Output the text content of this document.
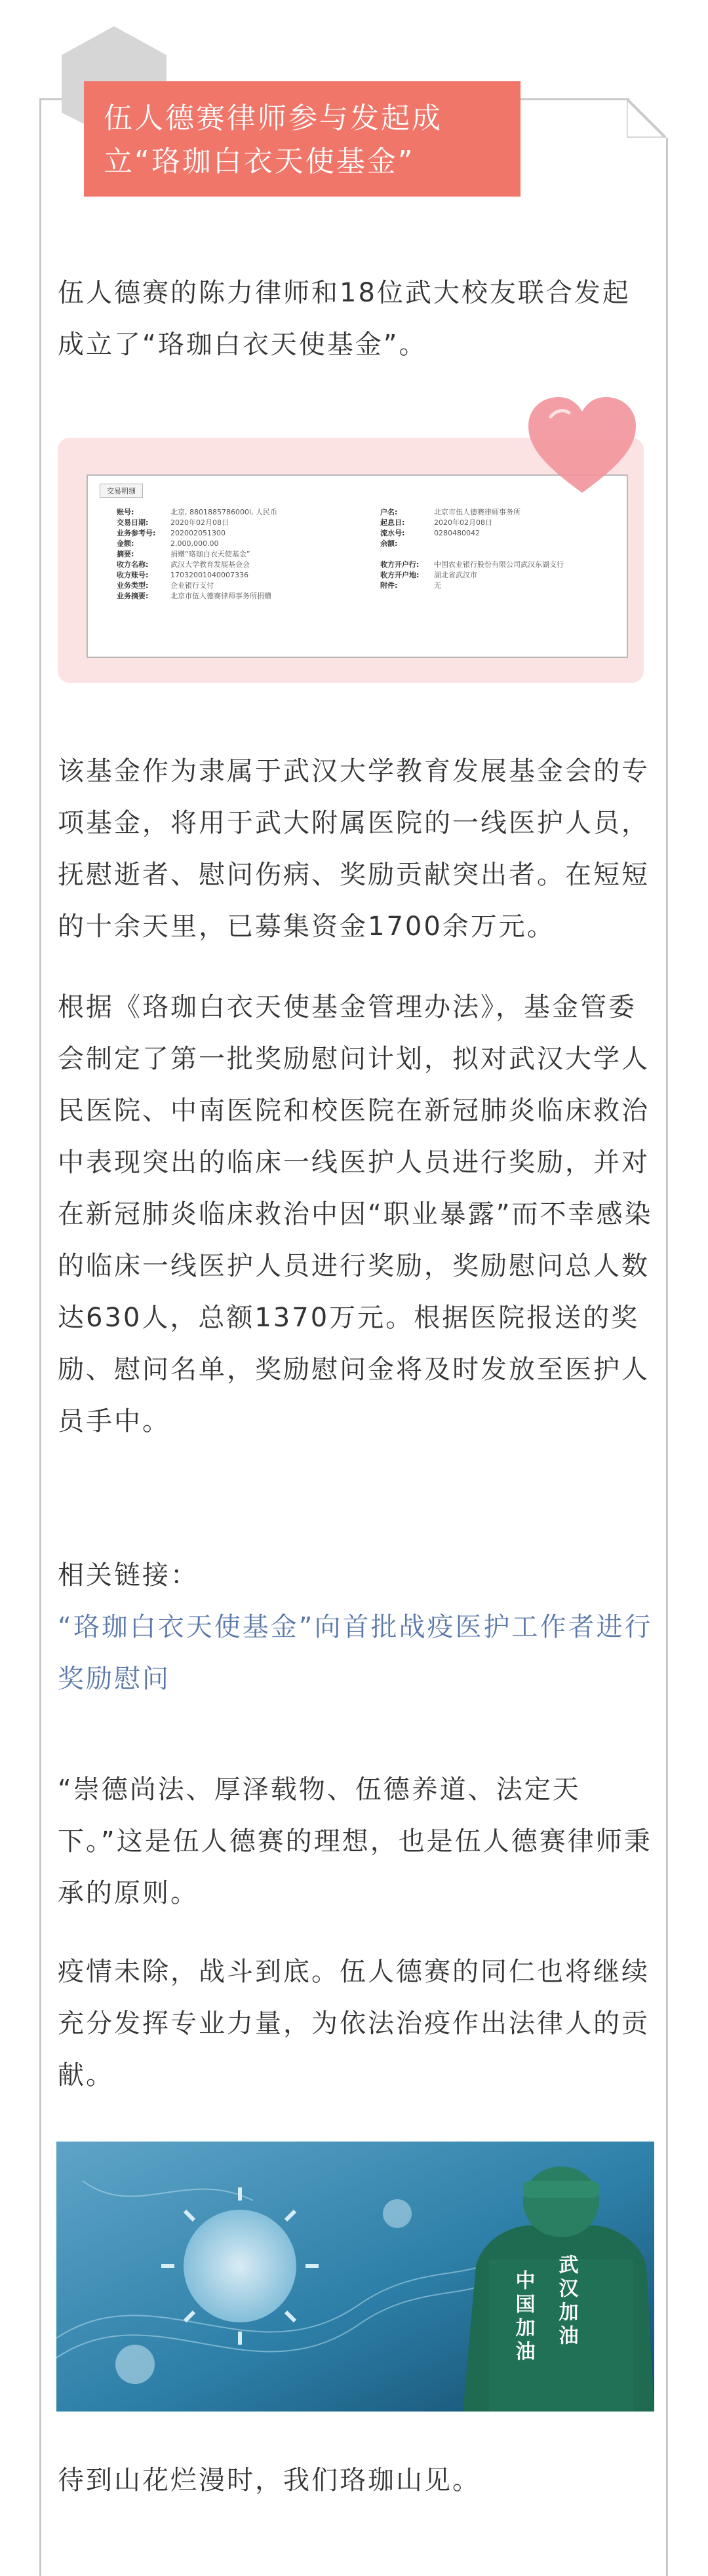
伍人德赛律师参与发起成
立“珞珈白衣天使基金”

伍人德赛的陈力律师和18位武大校友联合发起成立了“珞珈白衣天使基金”。

交易明细
账号:	北京, 8801885786000l, 人民币	户名:	北京市伍人德赛律师事务所
交易日期:	2020年02月08日	起息日:	2020年02月08日
业务参考号:	202002051300	流水号:	0280480042
金额:	2,000,000.00	余额:
摘要:	捐赠“珞珈白衣天使基金”
收方名称:	武汉大学教育发展基金会	收方开户行:	中国农业银行股份有限公司武汉东湖支行
收方账号:	17032001040007336	收方开户地:	湖北省武汉市
业务类型:	企业银行支付	附件:	无
业务摘要:	北京市伍人德赛律师事务所捐赠

该基金作为隶属于武汉大学教育发展基金会的专项基金，将用于武大附属医院的一线医护人员，抚慰逝者、慰问伤病、奖励贡献突出者。在短短的十余天里，已募集资金1700余万元。

根据《珞珈白衣天使基金管理办法》，基金管委会制定了第一批奖励慰问计划，拟对武汉大学人民医院、中南医院和校医院在新冠肺炎临床救治中表现突出的临床一线医护人员进行奖励，并对在新冠肺炎临床救治中因“职业暴露”而不幸感染的临床一线医护人员进行奖励，奖励慰问总人数达630人，总额1370万元。根据医院报送的奖励、慰问名单，奖励慰问金将及时发放至医护人员手中。

相关链接：

“珞珈白衣天使基金”向首批战疫医护工作者进行奖励慰问

“崇德尚法、厚泽载物、伍德养道、法定天下。”这是伍人德赛的理想，也是伍人德赛律师秉承的原则。

疫情未除，战斗到底。伍人德赛的同仁也将继续充分发挥专业力量，为依法治疫作出法律人的贡献。

中国加油 武汉加油

待到山花烂漫时，我们珞珈山见。
